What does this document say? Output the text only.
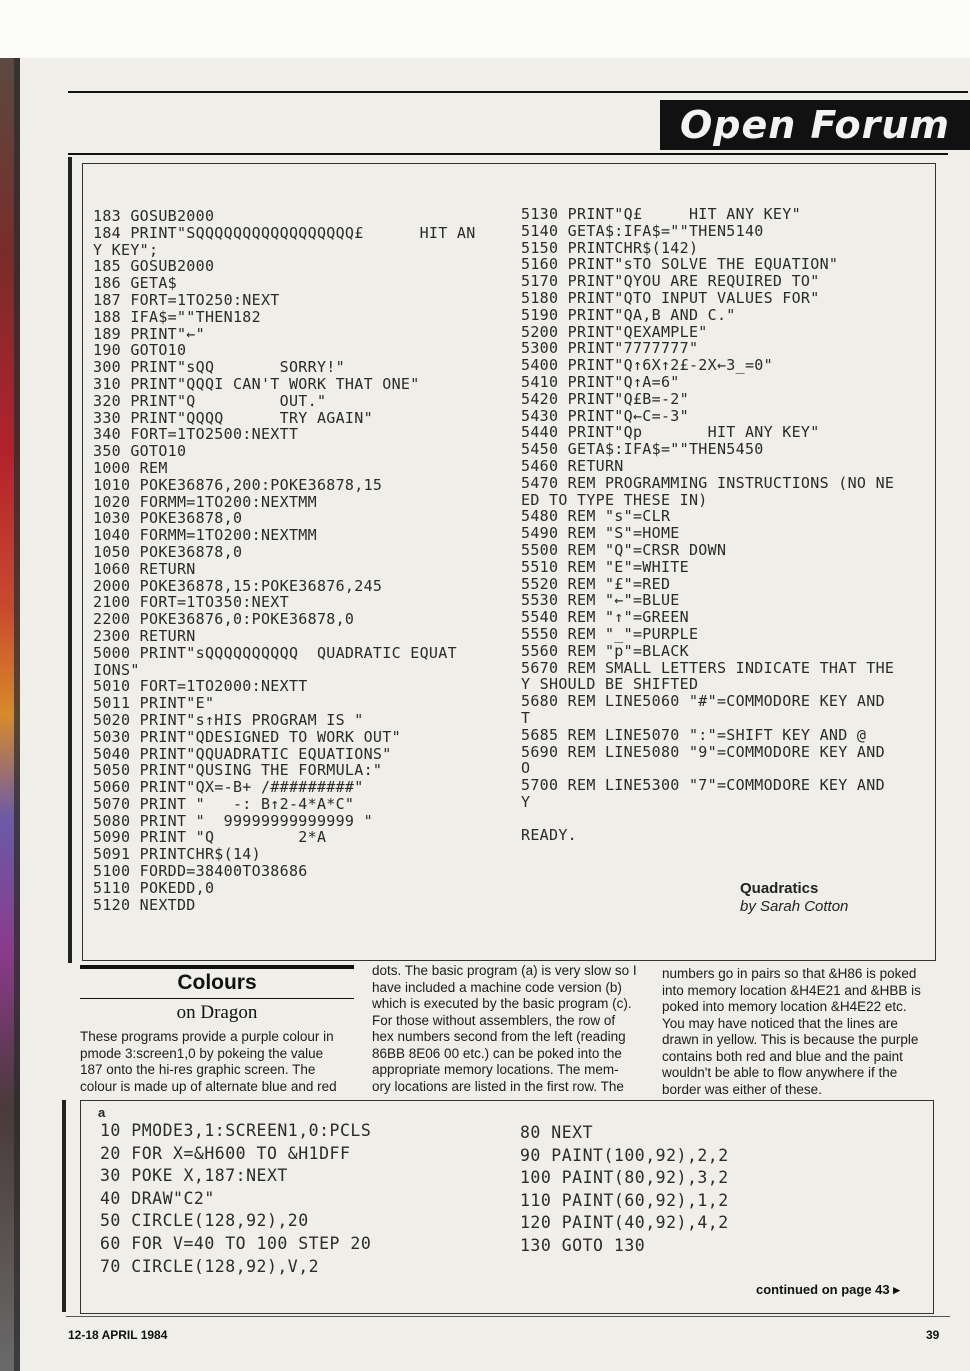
Open Forum
183 GOSUB2000
184 PRINT"SQQQQQQQQQQQQQQQQQ£      HIT AN
Y KEY";
185 GOSUB2000
186 GETA$
187 FORT=1TO250:NEXT
188 IFA$=""THEN182
189 PRINT"←"
190 GOTO10
300 PRINT"sQQ       SORRY!"
310 PRINT"QQQI CAN'T WORK THAT ONE"
320 PRINT"Q         OUT."
330 PRINT"QQQQ      TRY AGAIN"
340 FORT=1TO2500:NEXTT
350 GOTO10
1000 REM
1010 POKE36876,200:POKE36878,15
1020 FORMM=1TO200:NEXTMM
1030 POKE36878,0
1040 FORMM=1TO200:NEXTMM
1050 POKE36878,0
1060 RETURN
2000 POKE36878,15:POKE36876,245
2100 FORT=1TO350:NEXT
2200 POKE36876,0:POKE36878,0
2300 RETURN
5000 PRINT"sQQQQQQQQQQ  QUADRATIC EQUAT
IONS"
5010 FORT=1TO2000:NEXTT
5011 PRINT"E"
5020 PRINT"s↑HIS PROGRAM IS "
5030 PRINT"QDESIGNED TO WORK OUT"
5040 PRINT"QQUADRATIC EQUATIONS"
5050 PRINT"QUSING THE FORMULA:"
5060 PRINT"QX=-B+ /#########"
5070 PRINT "   -: B↑2-4*A*C"
5080 PRINT "  99999999999999 "
5090 PRINT "Q         2*A
5091 PRINTCHR$(14)
5100 FORDD=38400TO38686
5110 POKEDD,0
5120 NEXTDD
5130 PRINT"Q£     HIT ANY KEY"
5140 GETA$:IFA$=""THEN5140
5150 PRINTCHR$(142)
5160 PRINT"sTO SOLVE THE EQUATION"
5170 PRINT"QYOU ARE REQUIRED TO"
5180 PRINT"QTO INPUT VALUES FOR"
5190 PRINT"QA,B AND C."
5200 PRINT"QEXAMPLE"
5300 PRINT"7777777"
5400 PRINT"Q↑6X↑2£-2X←3_=0"
5410 PRINT"Q↑A=6"
5420 PRINT"Q£B=-2"
5430 PRINT"Q←C=-3"
5440 PRINT"Qp       HIT ANY KEY"
5450 GETA$:IFA$=""THEN5450
5460 RETURN
5470 REM PROGRAMMING INSTRUCTIONS (NO NE
ED TO TYPE THESE IN)
5480 REM "s"=CLR
5490 REM "S"=HOME
5500 REM "Q"=CRSR DOWN
5510 REM "E"=WHITE
5520 REM "£"=RED
5530 REM "←"=BLUE
5540 REM "↑"=GREEN
5550 REM "_"=PURPLE
5560 REM "p"=BLACK
5670 REM SMALL LETTERS INDICATE THAT THE
Y SHOULD BE SHIFTED
5680 REM LINE5060 "#"=COMMODORE KEY AND
T
5685 REM LINE5070 ":"=SHIFT KEY AND @
5690 REM LINE5080 "9"=COMMODORE KEY AND
O
5700 REM LINE5300 "7"=COMMODORE KEY AND
Y
READY.
Quadratics
by Sarah Cotton
Colours
on Dragon
These programs provide a purple colour in
pmode 3:screen1,0 by pokeing the value
187 onto the hi-res graphic screen. The
colour is made up of alternate blue and red
dots. The basic program (a) is very slow so I
have included a machine code version (b)
which is executed by the basic program (c).
For those without assemblers, the row of
hex numbers second from the left (reading
86BB 8E06 00 etc.) can be poked into the
appropriate memory locations. The mem-
ory locations are listed in the first row. The
numbers go in pairs so that &H86 is poked
into memory location &H4E21 and &HBB is
poked into memory location &H4E22 etc.
You may have noticed that the lines are
drawn in yellow. This is because the purple
contains both red and blue and the paint
wouldn't be able to flow anywhere if the
border was either of these.
a
10 PMODE3,1:SCREEN1,0:PCLS
20 FOR X=&H600 TO &H1DFF
30 POKE X,187:NEXT
40 DRAW"C2"
50 CIRCLE(128,92),20
60 FOR V=40 TO 100 STEP 20
70 CIRCLE(128,92),V,2
80 NEXT
90 PAINT(100,92),2,2
100 PAINT(80,92),3,2
110 PAINT(60,92),1,2
120 PAINT(40,92),4,2
130 GOTO 130
continued on page 43 ▸
12-18 APRIL 1984	39
